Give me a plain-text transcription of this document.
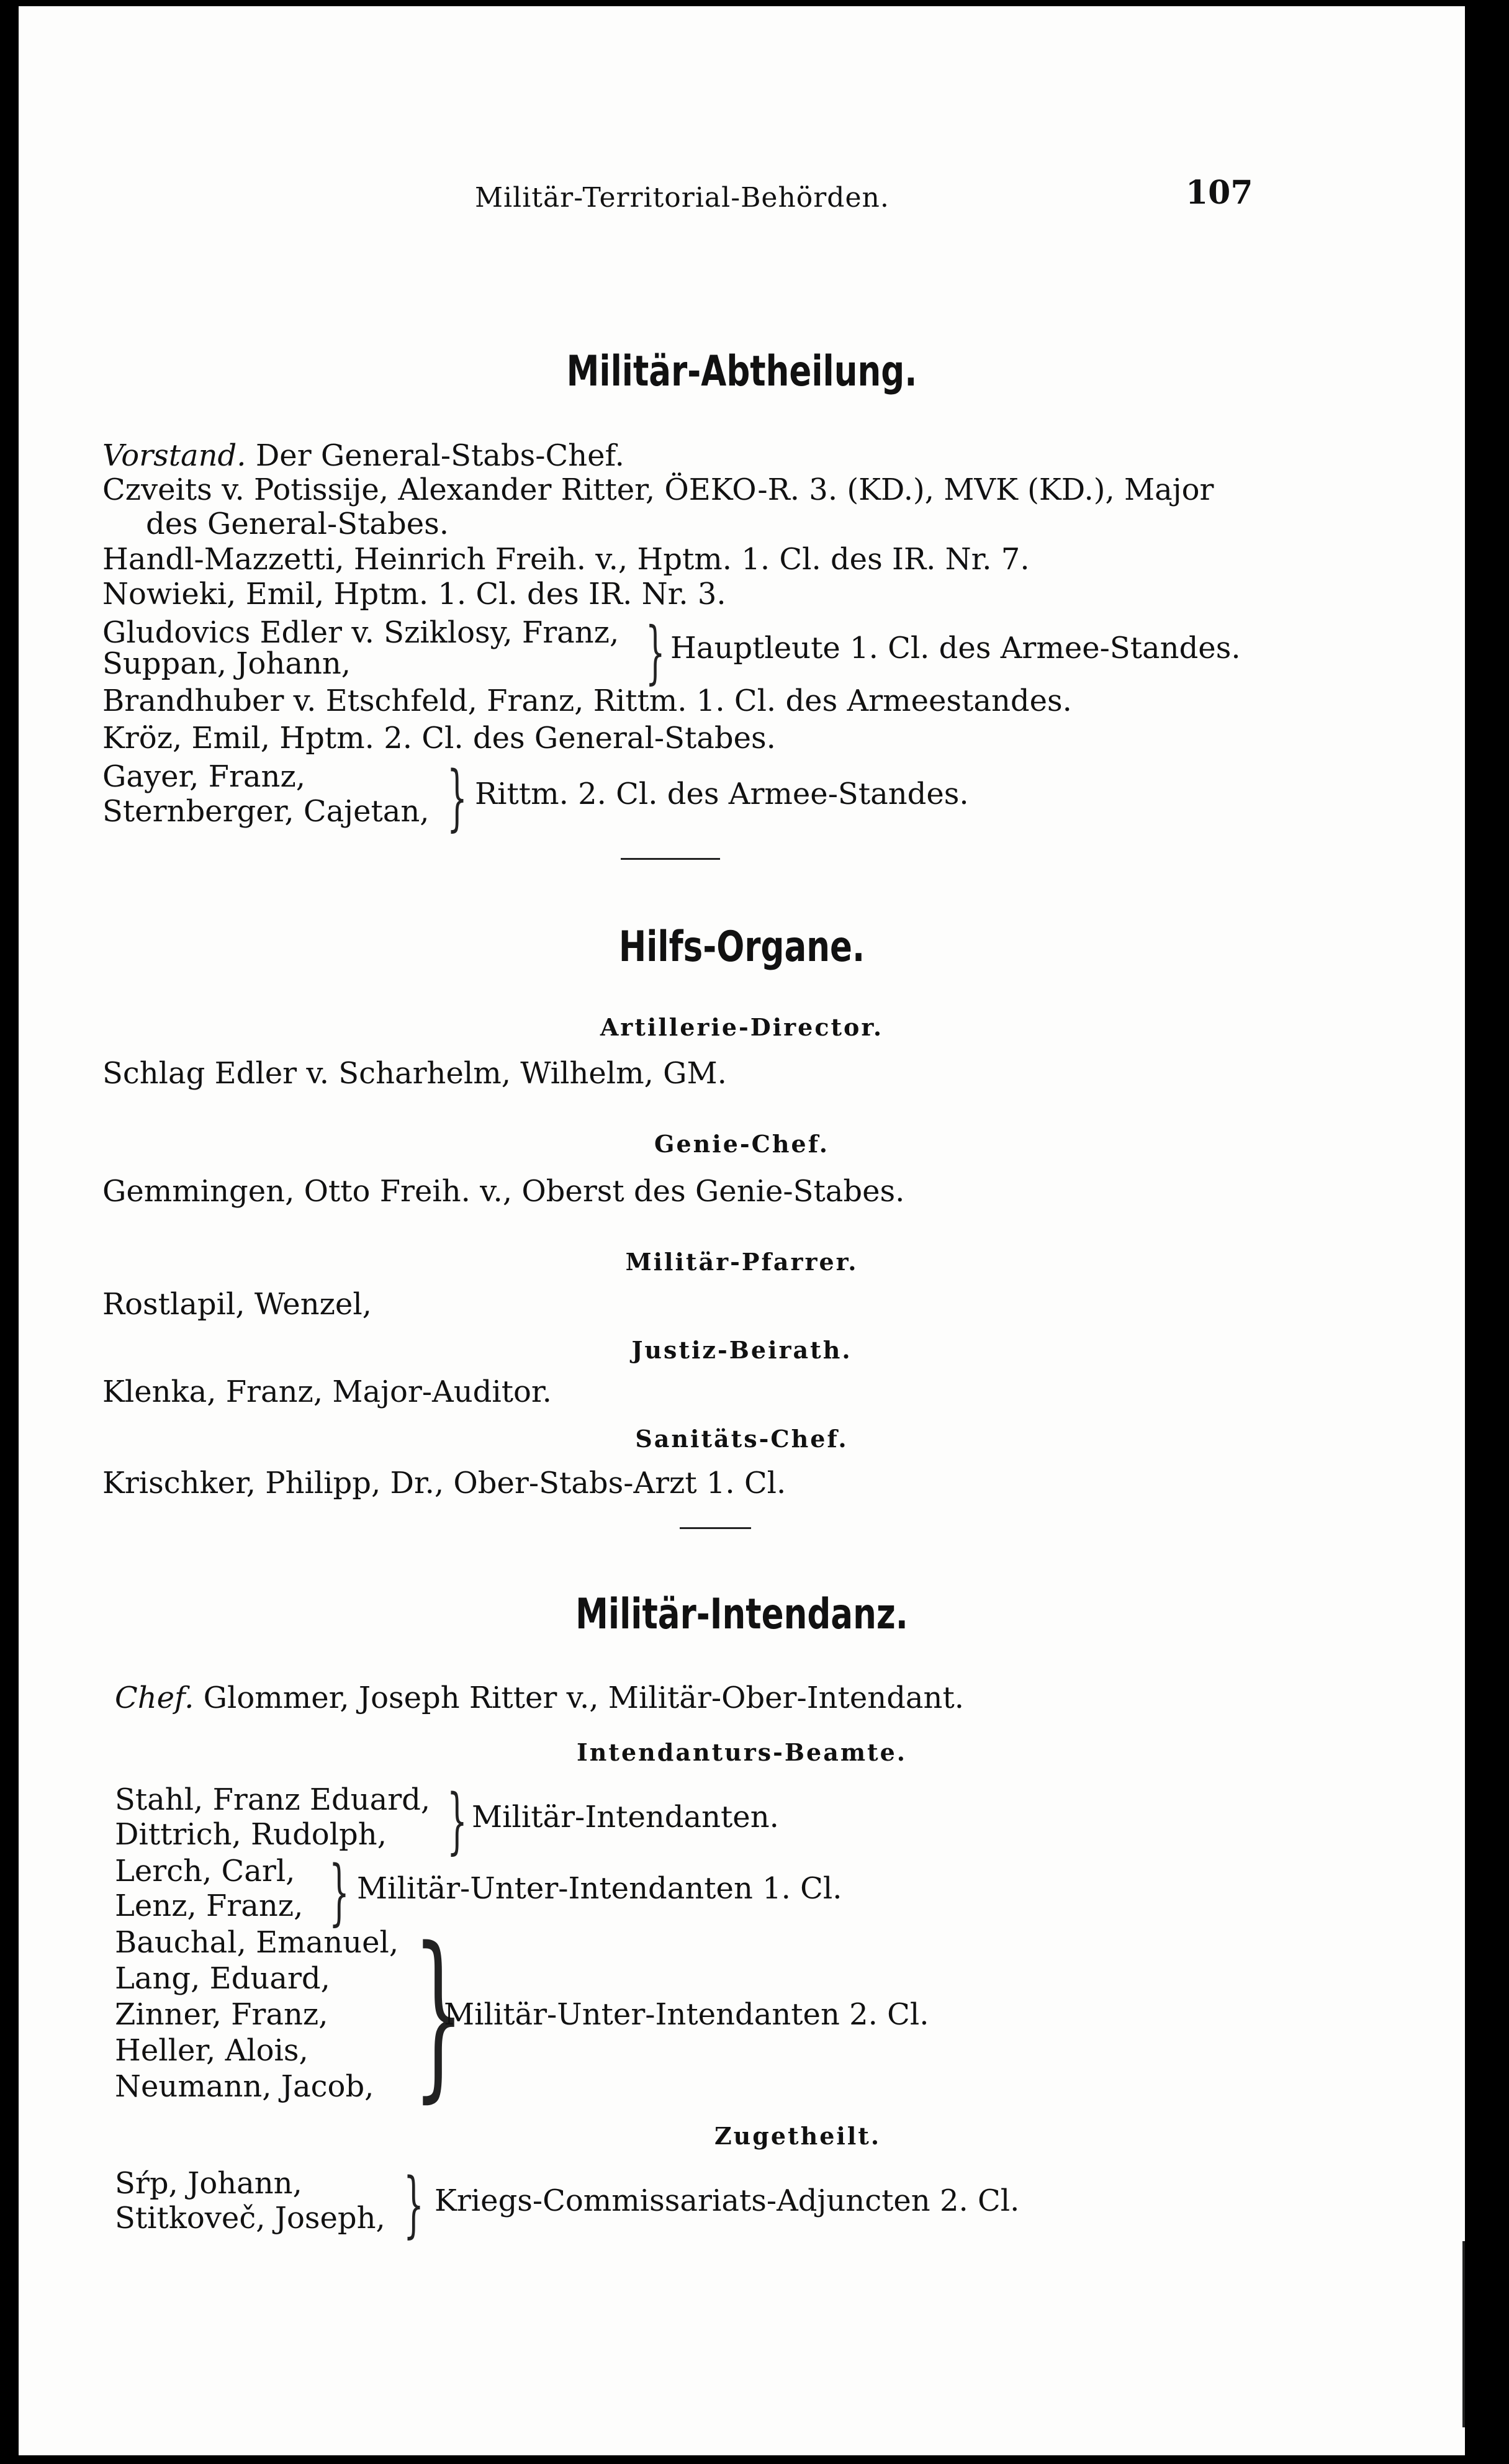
Militär-Territorial-Behörden.	107
Militär-Abtheilung.
Vorstand. Der General-Stabs-Chef.
Czveits v. Potissije, Alexander Ritter, ÖEKO-R. 3. (KD.), MVK (KD.), Major
des General-Stabes.
Handl-Mazzetti, Heinrich Freih. v., Hptm. 1. Cl. des IR. Nr. 7.
Nowieki, Emil, Hptm. 1. Cl. des IR. Nr. 3.
Gludovics Edler v. Sziklosy, Franz,
Suppan, Johann,	} Hauptleute 1. Cl. des Armee-Standes.
Brandhuber v. Etschfeld, Franz, Rittm. 1. Cl. des Armeestandes.
Kröz, Emil, Hptm. 2. Cl. des General-Stabes.
Gayer, Franz,
Sternberger, Cajetan, } Rittm. 2. Cl. des Armee-Standes.
Hilfs-Organe.
Artillerie-Director.
Schlag Edler v. Scharhelm, Wilhelm, GM.
Genie-Chef.
Gemmingen, Otto Freih. v., Oberst des Genie-Stabes.
Militär-Pfarrer.
Rostlapil, Wenzel,
Justiz-Beirath.
Klenka, Franz, Major-Auditor.
Sanitäts-Chef.
Krischker, Philipp, Dr., Ober-Stabs-Arzt 1. Cl.
Militär-Intendanz.
Chef. Glommer, Joseph Ritter v., Militär-Ober-Intendant.
Intendanturs-Beamte.
Stahl, Franz Eduard,
Dittrich, Rudolph, } Militär-Intendanten.
Lerch, Carl,
Lenz, Franz, } Militär-Unter-Intendanten 1. Cl.
Bauchal, Emanuel,
Lang, Eduard,
Zinner, Franz,
Heller, Alois,
Neumann, Jacob, }
Militär-Unter-Intendanten 2. Cl.
Zugetheilt.
Sŕp, Johann,
Stitkoveč, Joseph, } Kriegs-Commissariats-Adjuncten 2. Cl.
